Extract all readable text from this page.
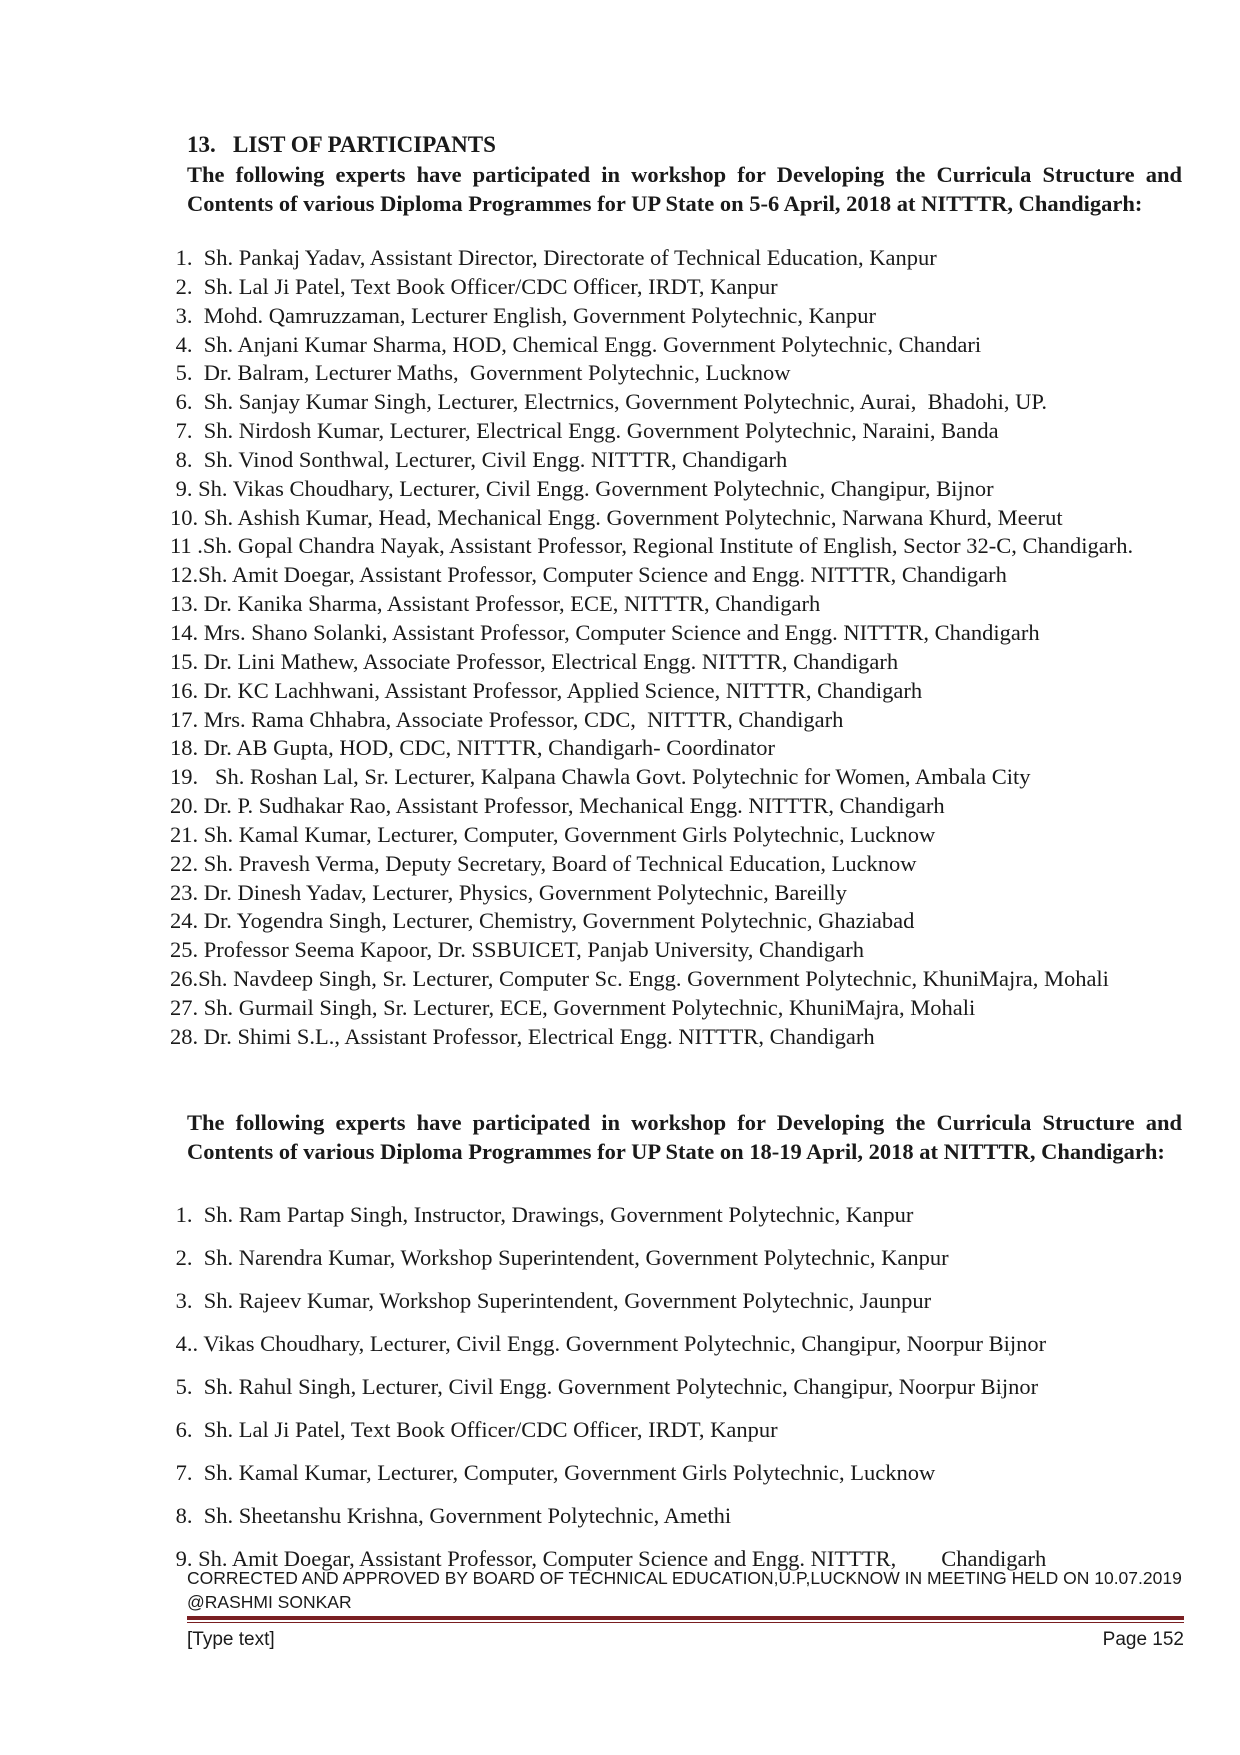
13.   LIST OF PARTICIPANTS
The following experts have participated in workshop for Developing the Curricula Structure and Contents of various Diploma Programmes for UP State on 5-6 April, 2018 at NITTTR, Chandigarh:
1.  Sh. Pankaj Yadav, Assistant Director, Directorate of Technical Education, Kanpur
2.  Sh. Lal Ji Patel, Text Book Officer/CDC Officer, IRDT, Kanpur
3.  Mohd. Qamruzzaman, Lecturer English, Government Polytechnic, Kanpur
4.  Sh. Anjani Kumar Sharma, HOD, Chemical Engg. Government Polytechnic, Chandari
5.  Dr. Balram, Lecturer Maths,  Government Polytechnic, Lucknow
6.  Sh. Sanjay Kumar Singh, Lecturer, Electrnics, Government Polytechnic, Aurai,  Bhadohi, UP.
7.  Sh. Nirdosh Kumar, Lecturer, Electrical Engg. Government Polytechnic, Naraini, Banda
8.  Sh. Vinod Sonthwal, Lecturer, Civil Engg. NITTTR, Chandigarh
9. Sh. Vikas Choudhary, Lecturer, Civil Engg. Government Polytechnic, Changipur, Bijnor
10. Sh. Ashish Kumar, Head, Mechanical Engg. Government Polytechnic, Narwana Khurd, Meerut
11 .Sh. Gopal Chandra Nayak, Assistant Professor, Regional Institute of English, Sector 32-C, Chandigarh.
12.Sh. Amit Doegar, Assistant Professor, Computer Science and Engg. NITTTR, Chandigarh
13. Dr. Kanika Sharma, Assistant Professor, ECE, NITTTR, Chandigarh
14. Mrs. Shano Solanki, Assistant Professor, Computer Science and Engg. NITTTR, Chandigarh
15. Dr. Lini Mathew, Associate Professor, Electrical Engg. NITTTR, Chandigarh
16. Dr. KC Lachhwani, Assistant Professor, Applied Science, NITTTR, Chandigarh
17. Mrs. Rama Chhabra, Associate Professor, CDC,  NITTTR, Chandigarh
18. Dr. AB Gupta, HOD, CDC, NITTTR, Chandigarh- Coordinator
19.   Sh. Roshan Lal, Sr. Lecturer, Kalpana Chawla Govt. Polytechnic for Women, Ambala City
20. Dr. P. Sudhakar Rao, Assistant Professor, Mechanical Engg. NITTTR, Chandigarh
21. Sh. Kamal Kumar, Lecturer, Computer, Government Girls Polytechnic, Lucknow
22. Sh. Pravesh Verma, Deputy Secretary, Board of Technical Education, Lucknow
23. Dr. Dinesh Yadav, Lecturer, Physics, Government Polytechnic, Bareilly
24. Dr. Yogendra Singh, Lecturer, Chemistry, Government Polytechnic, Ghaziabad
25. Professor Seema Kapoor, Dr. SSBUICET, Panjab University, Chandigarh
26.Sh. Navdeep Singh, Sr. Lecturer, Computer Sc. Engg. Government Polytechnic, KhuniMajra, Mohali
27. Sh. Gurmail Singh, Sr. Lecturer, ECE, Government Polytechnic, KhuniMajra, Mohali
28. Dr. Shimi S.L., Assistant Professor, Electrical Engg. NITTTR, Chandigarh
The following experts have participated in workshop for Developing the Curricula Structure and Contents of various Diploma Programmes for UP State on 18-19 April, 2018 at NITTTR, Chandigarh:
1.  Sh. Ram Partap Singh, Instructor, Drawings, Government Polytechnic, Kanpur
2.  Sh. Narendra Kumar, Workshop Superintendent, Government Polytechnic, Kanpur
3.  Sh. Rajeev Kumar, Workshop Superintendent, Government Polytechnic, Jaunpur
4.. Vikas Choudhary, Lecturer, Civil Engg. Government Polytechnic, Changipur, Noorpur Bijnor
5.  Sh. Rahul Singh, Lecturer, Civil Engg. Government Polytechnic, Changipur, Noorpur Bijnor
6.  Sh. Lal Ji Patel, Text Book Officer/CDC Officer, IRDT, Kanpur
7.  Sh. Kamal Kumar, Lecturer, Computer, Government Girls Polytechnic, Lucknow
8.  Sh. Sheetanshu Krishna, Government Polytechnic, Amethi
9. Sh. Amit Doegar, Assistant Professor, Computer Science and Engg. NITTTR,        Chandigarh
CORRECTED AND APPROVED BY BOARD OF TECHNICAL EDUCATION,U.P,LUCKNOW IN MEETING HELD ON 10.07.2019 @RASHMI SONKAR
[Type text]	Page 152
